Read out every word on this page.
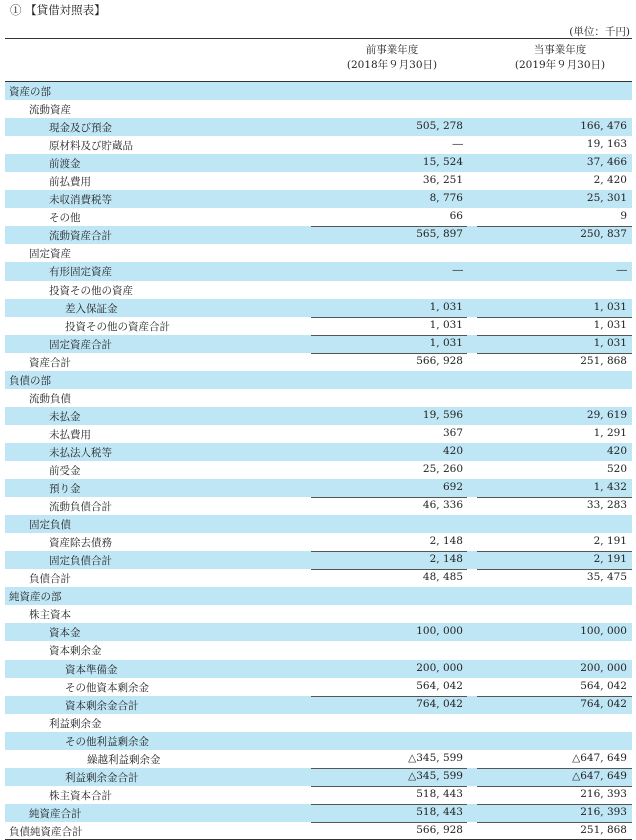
① 【貸借対照表】
(単位：千円)
前事業年度
(2018年９月30日)
当事業年度
(2019年９月30日)
資産の部
流動資産
現金及び預金	505, 278	166, 476
原材料及び貯蔵品	―	19, 163
前渡金	15, 524	37, 466
前払費用	36, 251	2, 420
未収消費税等	8, 776	25, 301
その他	66	9
流動資産合計	565, 897	250, 837
固定資産
有形固定資産	―	―
投資その他の資産
差入保証金	1, 031	1, 031
投資その他の資産合計	1, 031	1, 031
固定資産合計	1, 031	1, 031
資産合計	566, 928	251, 868
負債の部
流動負債
未払金	19, 596	29, 619
未払費用	367	1, 291
未払法人税等	420	420
前受金	25, 260	520
預り金	692	1, 432
流動負債合計	46, 336	33, 283
固定負債
資産除去債務	2, 148	2, 191
固定負債合計	2, 148	2, 191
負債合計	48, 485	35, 475
純資産の部
株主資本
資本金	100, 000	100, 000
資本剰余金
資本準備金	200, 000	200, 000
その他資本剰余金	564, 042	564, 042
資本剰余金合計	764, 042	764, 042
利益剰余金
その他利益剰余金
繰越利益剰余金	△345, 599	△647, 649
利益剰余金合計	△345, 599	△647, 649
株主資本合計	518, 443	216, 393
純資産合計	518, 443	216, 393
負債純資産合計	566, 928	251, 868
